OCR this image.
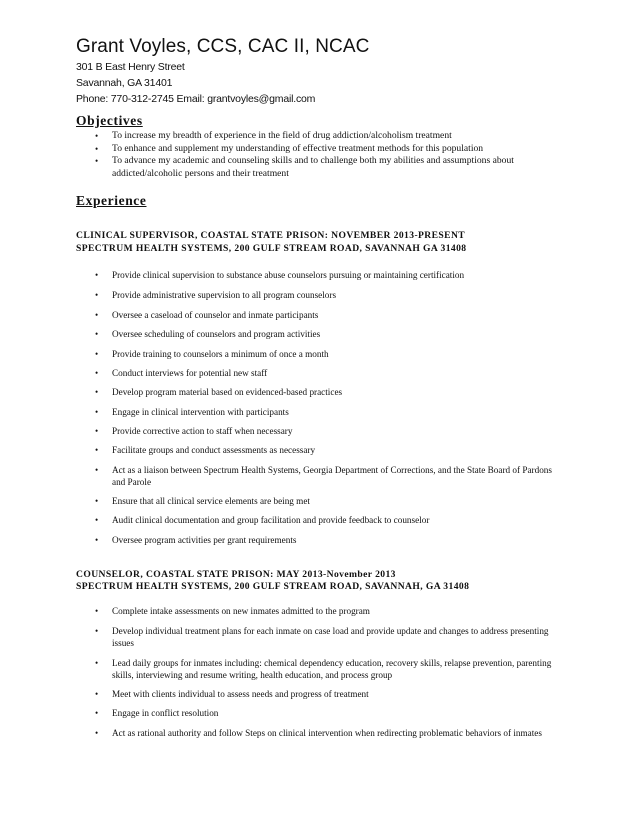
Grant Voyles, CCS, CAC II, NCAC
301 B East Henry Street
Savannah, GA 31401
Phone: 770-312-2745 Email: grantvoyles@gmail.com
Objectives
• To increase my breadth of experience in the field of drug addiction/alcoholism treatment
• To enhance and supplement my understanding of effective treatment methods for this population
• To advance my academic and counseling skills and to challenge both my abilities and assumptions about addicted/alcoholic persons and their treatment
Experience
CLINICAL SUPERVISOR, COASTAL STATE PRISON: NOVEMBER 2013-PRESENT
SPECTRUM HEALTH SYSTEMS, 200 GULF STREAM ROAD, SAVANNAH GA 31408
• Provide clinical supervision to substance abuse counselors pursuing or maintaining certification
• Provide administrative supervision to all program counselors
• Oversee a caseload of counselor and inmate participants
• Oversee scheduling of counselors and program activities
• Provide training to counselors a minimum of once a month
• Conduct interviews for potential new staff
• Develop program material based on evidenced-based practices
• Engage in clinical intervention with participants
• Provide corrective action to staff when necessary
• Facilitate groups and conduct assessments as necessary
• Act as a liaison between Spectrum Health Systems, Georgia Department of Corrections, and the State Board of Pardons and Parole
• Ensure that all clinical service elements are being met
• Audit clinical documentation and group facilitation and provide feedback to counselor
• Oversee program activities per grant requirements
COUNSELOR, COASTAL STATE PRISON: MAY 2013-November 2013
SPECTRUM HEALTH SYSTEMS, 200 GULF STREAM ROAD, SAVANNAH, GA 31408
• Complete intake assessments on new inmates admitted to the program
• Develop individual treatment plans for each inmate on case load and provide update and changes to address presenting issues
• Lead daily groups for inmates including: chemical dependency education, recovery skills, relapse prevention, parenting skills, interviewing and resume writing, health education, and process group
• Meet with clients individual to assess needs and progress of treatment
• Engage in conflict resolution
• Act as rational authority and follow Steps on clinical intervention when redirecting problematic behaviors of inmates
